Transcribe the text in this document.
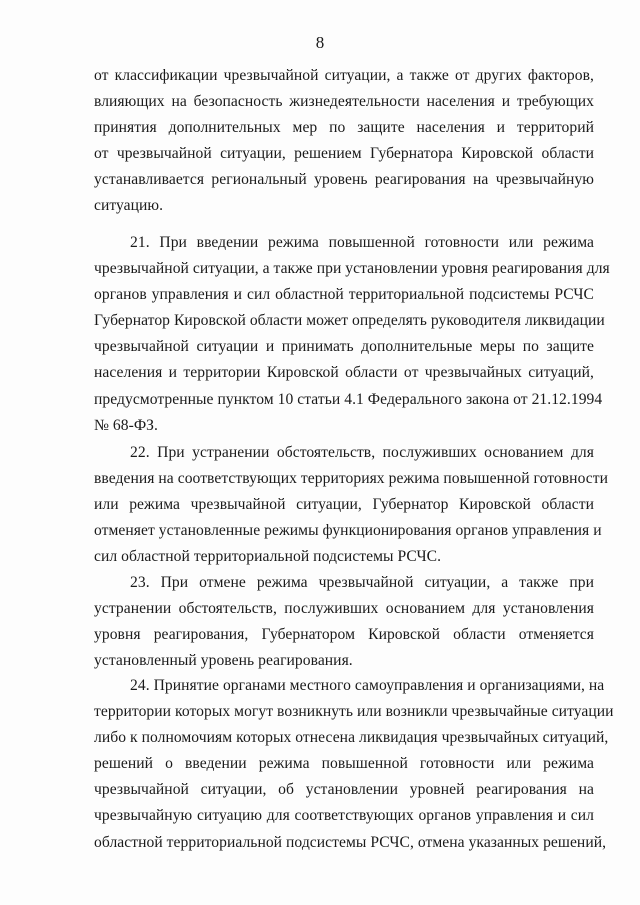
8
от классификации чрезвычайной ситуации, а также от других факторов,
влияющих на безопасность жизнедеятельности населения и требующих
принятия дополнительных мер по защите населения и территорий
от чрезвычайной ситуации, решением Губернатора Кировской области
устанавливается региональный уровень реагирования на чрезвычайную
ситуацию.
21. При введении режима повышенной готовности или режима
чрезвычайной ситуации, а также при установлении уровня реагирования для
органов управления и сил областной территориальной подсистемы РСЧС
Губернатор Кировской области может определять руководителя ликвидации
чрезвычайной ситуации и принимать дополнительные меры по защите
населения и территории Кировской области от чрезвычайных ситуаций,
предусмотренные пунктом 10 статьи 4.1 Федерального закона от 21.12.1994
№ 68-ФЗ.
22. При устранении обстоятельств, послуживших основанием для
введения на соответствующих территориях режима повышенной готовности
или режима чрезвычайной ситуации, Губернатор Кировской области
отменяет установленные режимы функционирования органов управления и
сил областной территориальной подсистемы РСЧС.
23. При отмене режима чрезвычайной ситуации, а также при
устранении обстоятельств, послуживших основанием для установления
уровня реагирования, Губернатором Кировской области отменяется
установленный уровень реагирования.
24. Принятие органами местного самоуправления и организациями, на
территории которых могут возникнуть или возникли чрезвычайные ситуации
либо к полномочиям которых отнесена ликвидация чрезвычайных ситуаций,
решений о введении режима повышенной готовности или режима
чрезвычайной ситуации, об установлении уровней реагирования на
чрезвычайную ситуацию для соответствующих органов управления и сил
областной территориальной подсистемы РСЧС, отмена указанных решений,
